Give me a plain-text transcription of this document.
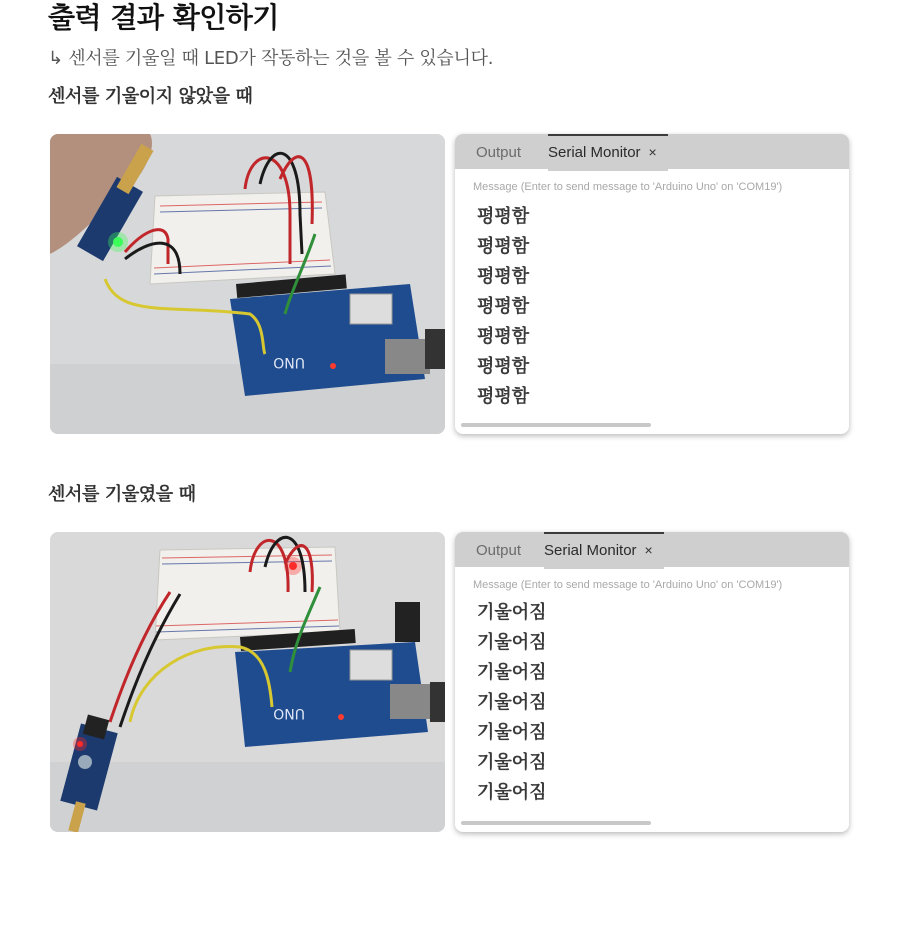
출력 결과 확인하기
↳ 센서를 기울일 때 LED가 작동하는 것을 볼 수 있습니다.
센서를 기울이지 않았을 때
UNO
Output Serial Monitor ×
Message (Enter to send message to 'Arduino Uno' on 'COM19')
평평함
평평함
평평함
평평함
평평함
평평함
평평함
센서를 기울였을 때
UNO
Output Serial Monitor ×
Message (Enter to send message to 'Arduino Uno' on 'COM19')
기울어짐
기울어짐
기울어짐
기울어짐
기울어짐
기울어짐
기울어짐
